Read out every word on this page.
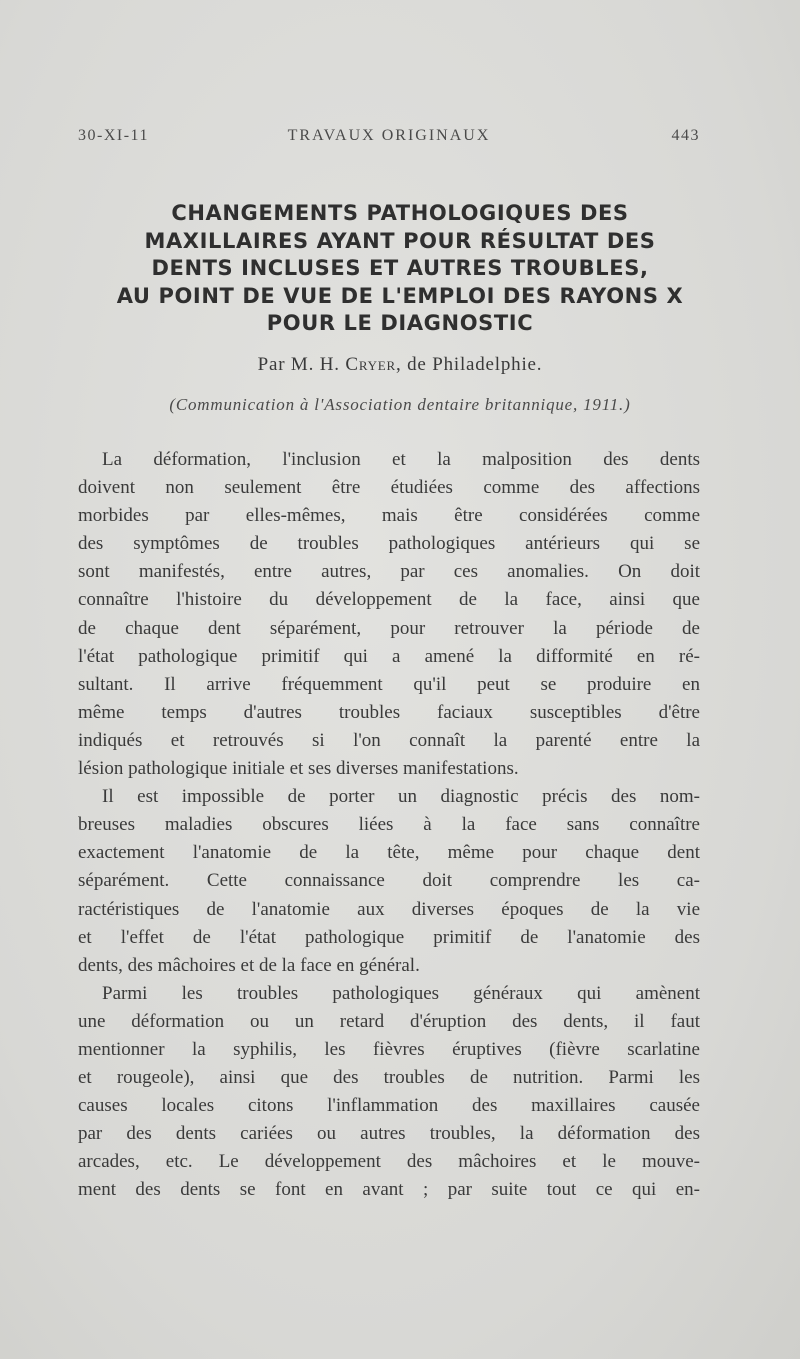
30-XI-11	TRAVAUX ORIGINAUX	443
CHANGEMENTS PATHOLOGIQUES DES
MAXILLAIRES AYANT POUR RÉSULTAT DES
DENTS INCLUSES ET AUTRES TROUBLES,
AU POINT DE VUE DE L'EMPLOI DES RAYONS X
POUR LE DIAGNOSTIC
Par M. H. Cryer, de Philadelphie.
(Communication à l'Association dentaire britannique, 1911.)
La déformation, l'inclusion et la malposition des dents
doivent non seulement être étudiées comme des affections
morbides par elles-mêmes, mais être considérées comme
des symptômes de troubles pathologiques antérieurs qui se
sont manifestés, entre autres, par ces anomalies. On doit
connaître l'histoire du développement de la face, ainsi que
de chaque dent séparément, pour retrouver la période de
l'état pathologique primitif qui a amené la difformité en ré-
sultant. Il arrive fréquemment qu'il peut se produire en
même temps d'autres troubles faciaux susceptibles d'être
indiqués et retrouvés si l'on connaît la parenté entre la
lésion pathologique initiale et ses diverses manifestations.
Il est impossible de porter un diagnostic précis des nom-
breuses maladies obscures liées à la face sans connaître
exactement l'anatomie de la tête, même pour chaque dent
séparément. Cette connaissance doit comprendre les ca-
ractéristiques de l'anatomie aux diverses époques de la vie
et l'effet de l'état pathologique primitif de l'anatomie des
dents, des mâchoires et de la face en général.
Parmi les troubles pathologiques généraux qui amènent
une déformation ou un retard d'éruption des dents, il faut
mentionner la syphilis, les fièvres éruptives (fièvre scarlatine
et rougeole), ainsi que des troubles de nutrition. Parmi les
causes locales citons l'inflammation des maxillaires causée
par des dents cariées ou autres troubles, la déformation des
arcades, etc. Le développement des mâchoires et le mouve-
ment des dents se font en avant ; par suite tout ce qui en-
